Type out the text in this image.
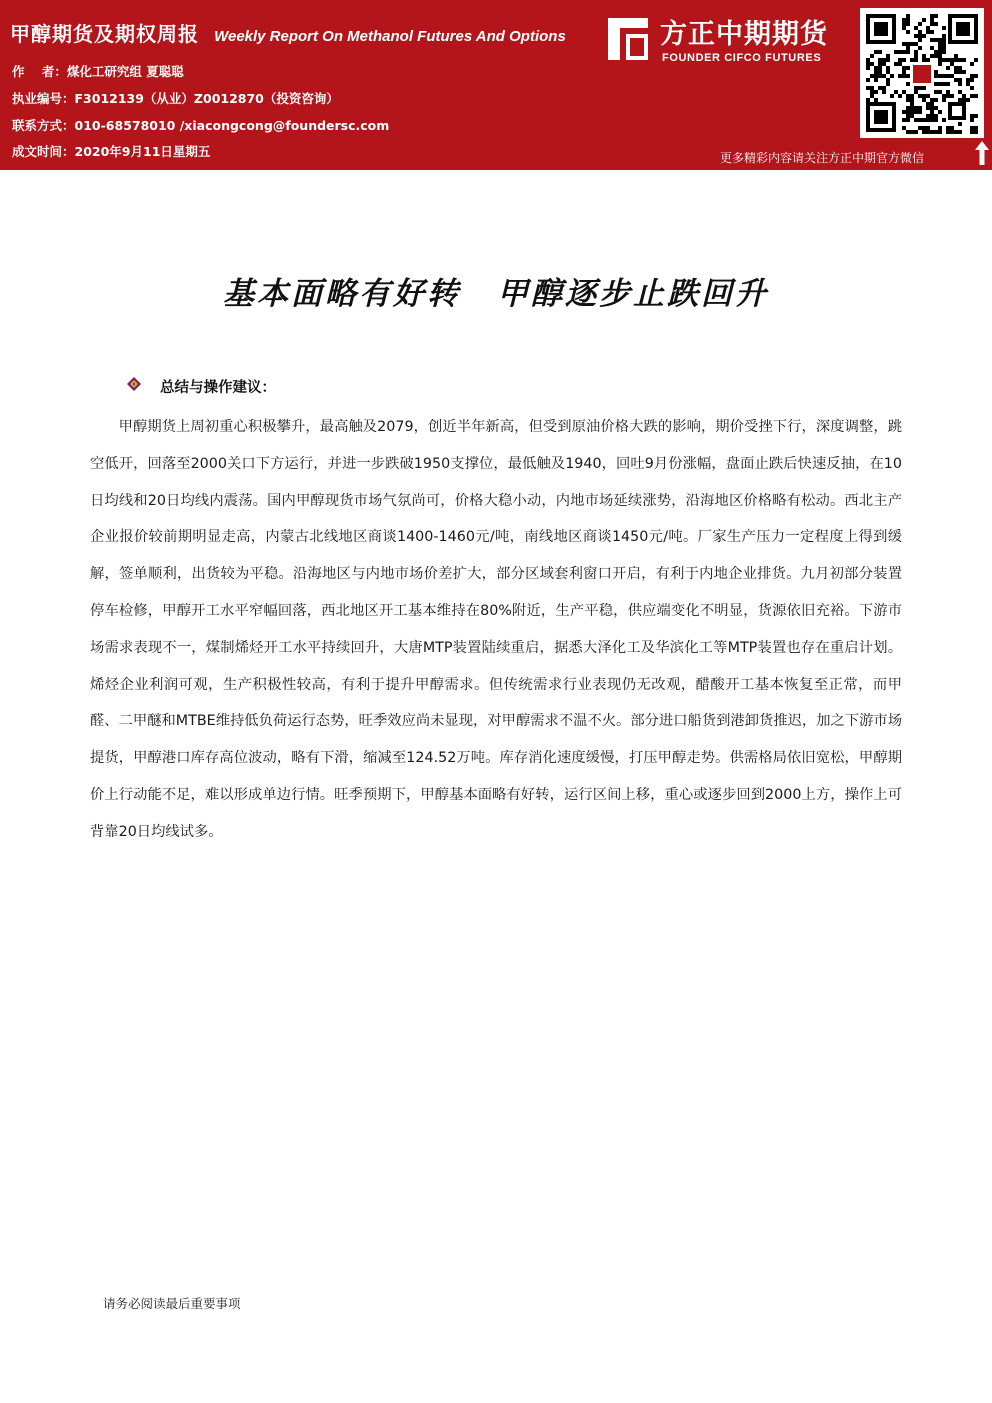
甲醇期货及期权周报 Weekly Report On Methanol Futures And Options
作    者：煤化工研究组 夏聪聪
执业编号：F3012139（从业）Z0012870（投资咨询）
联系方式：010-68578010 /xiacongcong@foundersc.com
成文时间：2020年9月11日星期五
方正中期期货
FOUNDER CIFCO FUTURES
更多精彩内容请关注方正中期官方微信
基本面略有好转 甲醇逐步止跌回升
总结与操作建议：
甲醇期货上周初重心积极攀升，最高触及2079，创近半年新高，但受到原油价格大跌的影响，期价受挫下行，深度调整，跳空低开，回落至2000关口下方运行，并进一步跌破1950支撑位，最低触及1940，回吐9月份涨幅，盘面止跌后快速反抽，在10日均线和20日均线内震荡。国内甲醇现货市场气氛尚可，价格大稳小动，内地市场延续涨势，沿海地区价格略有松动。西北主产企业报价较前期明显走高，内蒙古北线地区商谈1400-1460元/吨，南线地区商谈1450元/吨。厂家生产压力一定程度上得到缓解，签单顺利，出货较为平稳。沿海地区与内地市场价差扩大，部分区域套利窗口开启，有利于内地企业排货。九月初部分装置停车检修，甲醇开工水平窄幅回落，西北地区开工基本维持在80%附近，生产平稳，供应端变化不明显，货源依旧充裕。下游市场需求表现不一，煤制烯烃开工水平持续回升，大唐MTP装置陆续重启，据悉大泽化工及华滨化工等MTP装置也存在重启计划。烯烃企业利润可观，生产积极性较高，有利于提升甲醇需求。但传统需求行业表现仍无改观，醋酸开工基本恢复至正常，而甲醛、二甲醚和MTBE维持低负荷运行态势，旺季效应尚未显现，对甲醇需求不温不火。部分进口船货到港卸货推迟，加之下游市场提货，甲醇港口库存高位波动，略有下滑，缩减至124.52万吨。库存消化速度缓慢，打压甲醇走势。供需格局依旧宽松，甲醇期价上行动能不足，难以形成单边行情。旺季预期下，甲醇基本面略有好转，运行区间上移，重心或逐步回到2000上方，操作上可背靠20日均线试多。
请务必阅读最后重要事项
